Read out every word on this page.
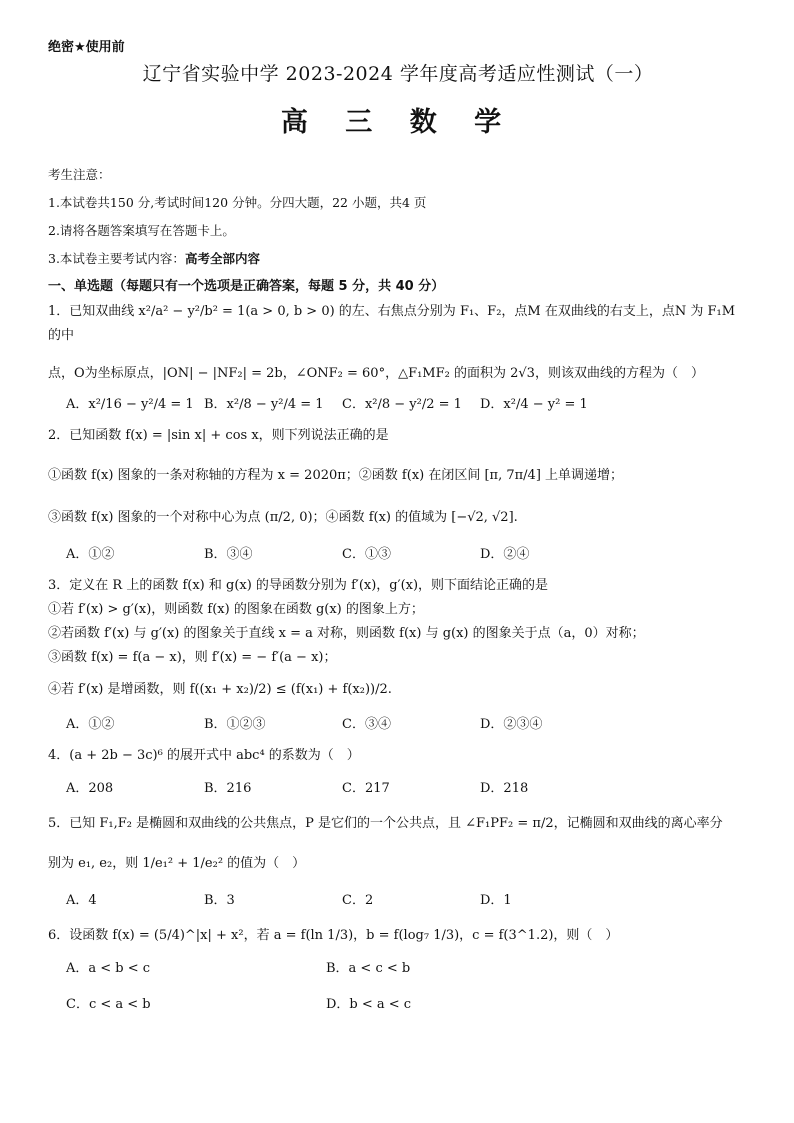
绝密★使用前
辽宁省实验中学 2023-2024 学年度高考适应性测试（一）
高 三 数 学
考生注意：
1.本试卷共150 分,考试时间120 分钟。分四大题，22 小题，共4 页
2.请将各题答案填写在答题卡上。
3.本试卷主要考试内容：高考全部内容
一、单选题（每题只有一个选项是正确答案，每题 5 分，共 40 分）
1．已知双曲线 x²/a² − y²/b² = 1(a > 0, b > 0) 的左、右焦点分别为 F₁、F₂，点M 在双曲线的右支上，点N 为 F₁M 的中
点，O为坐标原点，|ON| − |NF₂| = 2b，∠ONF₂ = 60°，△F₁MF₂ 的面积为 2√3，则该双曲线的方程为（　）
A．x²/16 − y²/4 = 1 B．x²/8 − y²/4 = 1	C．x²/8 − y²/2 = 1	D．x²/4 − y² = 1
2．已知函数 f(x) = |sin x| + cos x，则下列说法正确的是
①函数 f(x) 图象的一条对称轴的方程为 x = 2020π；②函数 f(x) 在闭区间 [π, 7π/4] 上单调递增；
③函数 f(x) 图象的一个对称中心为点 (π/2, 0)；④函数 f(x) 的值域为 [−√2, √2].
A．①②	B．③④	C．①③	D．②④
3．定义在 R 上的函数 f(x) 和 g(x) 的导函数分别为 f′(x)，g′(x)，则下面结论正确的是
①若 f′(x) > g′(x)，则函数 f(x) 的图象在函数 g(x) 的图象上方；
②若函数 f′(x) 与 g′(x) 的图象关于直线 x = a 对称，则函数 f(x) 与 g(x) 的图象关于点（a，0）对称；
③函数 f(x) = f(a − x)，则 f′(x) = − f′(a − x)；
④若 f′(x) 是增函数，则 f((x₁ + x₂)/2) ≤ (f(x₁) + f(x₂))/2.
A．①②	B．①②③	C．③④	D．②③④
4．(a + 2b − 3c)⁶ 的展开式中 abc⁴ 的系数为（　）
A．208	B．216	C．217	D．218
5．已知 F₁,F₂ 是椭圆和双曲线的公共焦点，P 是它们的一个公共点，且 ∠F₁PF₂ = π/2，记椭圆和双曲线的离心率分
别为 e₁, e₂，则 1/e₁² + 1/e₂² 的值为（　）
A．4	B．3	C．2	D．1
6．设函数 f(x) = (5/4)^|x| + x²，若 a = f(ln 1/3)，b = f(log₇ 1/3)，c = f(3^1.2)，则（　）
A．a < b < c	B．a < c < b
C．c < a < b	D．b < a < c
